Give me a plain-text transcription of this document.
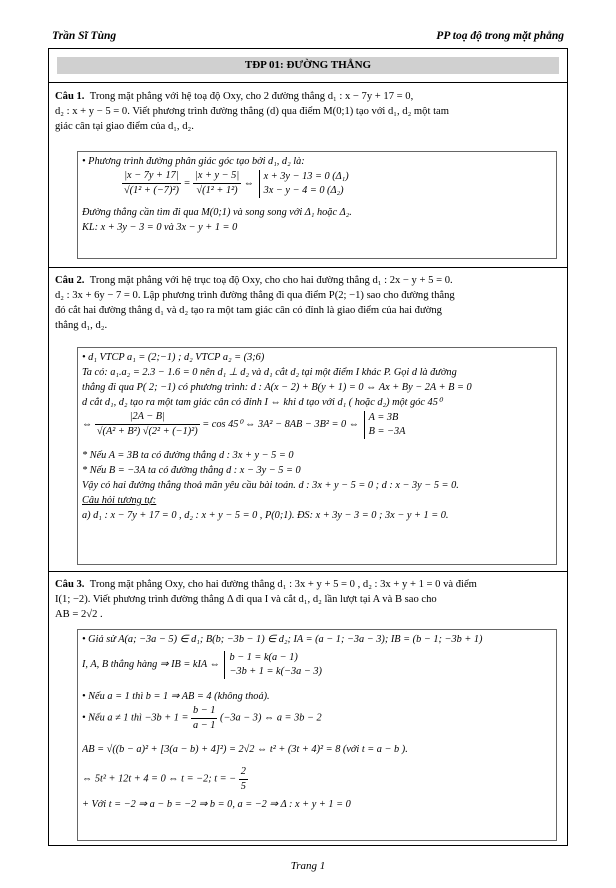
Trần Sĩ Tùng	PP toạ độ trong mặt phẳng
TĐP 01: ĐƯỜNG THẲNG
Câu 1. Trong mặt phẳng với hệ toạ độ Oxy, cho 2 đường thẳng d₁ : x − 7y + 17 = 0,
d₂ : x + y − 5 = 0. Viết phương trình đường thẳng (d) qua điểm M(0;1) tạo với d₁, d₂ một tam
giác cân tại giao điểm của d₁, d₂.
• Phương trình đường phân giác góc tạo bởi d₁, d₂ là:
$\frac{|x - 7y + 17|}{\text{√(1² + (−7)²)}} = \frac{|x + y - 5|}{\text{√(1² + 1²)}}$ ⇔
x + 3y − 13 = 0 (Δ₁)
3x − y − 4 = 0 (Δ₂)
Đường thẳng cần tìm đi qua M(0;1) và song song với Δ₁ hoặc Δ₂.
KL: x + 3y − 3 = 0 và 3x − y + 1 = 0
Câu 2. Trong mặt phẳng với hệ trục toạ độ Oxy, cho cho hai đường thẳng d₁ : 2x − y + 5 = 0.
d₂ : 3x + 6y − 7 = 0. Lập phương trình đường thẳng đi qua điểm P(2; −1) sao cho đường thẳng
đó cắt hai đường thẳng d₁ và d₂ tạo ra một tam giác cân có đỉnh là giao điểm của hai đường
thẳng d₁, d₂.
• d₁ VTCP a₁ = (2;−1) ; d₂ VTCP a₂ = (3;6)
Ta có: a₁.a₂ = 2.3 − 1.6 = 0 nên d₁ ⊥ d₂ và d₁ cắt d₂ tại một điểm I khác P. Gọi d là đường
thẳng đi qua P( 2; −1) có phương trình: d : A(x − 2) + B(y + 1) = 0 ⇔ Ax + By − 2A + B = 0
d cắt d₁, d₂ tạo ra một tam giác cân có đỉnh I ⇔ khi d tạo với d₁ ( hoặc d₂) một góc 45⁰
⇔ $\frac{|2A - B|}{\text{√(A² + B²) √(2² + (−1)²)}} = \cos 45^0$ ⇔ 3A² − 8AB − 3B² = 0 ⇔
A = 3B
B = −3A
* Nếu A = 3B ta có đường thẳng d : 3x + y − 5 = 0
* Nếu B = −3A ta có đường thẳng d : x − 3y − 5 = 0
Vậy có hai đường thẳng thoả mãn yêu cầu bài toán. d : 3x + y − 5 = 0 ; d : x − 3y − 5 = 0.
Câu hỏi tương tự:
a) d₁ : x − 7y + 17 = 0 , d₂ : x + y − 5 = 0 , P(0;1). ĐS: x + 3y − 3 = 0 ; 3x − y + 1 = 0.
Câu 3. Trong mặt phẳng Oxy, cho hai đường thẳng d₁ : 3x + y + 5 = 0 , d₂ : 3x + y + 1 = 0 và điểm
I(1; −2). Viết phương trình đường thẳng Δ đi qua I và cắt d₁, d₂ lần lượt tại A và B sao cho
AB = 2√2 .
• Giả sử A(a; −3a − 5) ∈ d₁; B(b; −3b − 1) ∈ d₂; IA = (a − 1; −3a − 3); IB = (b − 1; −3b + 1)
I, A, B thẳng hàng ⇒ IB = kIA ⇔
b − 1 = k(a − 1)
−3b + 1 = k(−3a − 3)
• Nếu a = 1 thì b = 1 ⇒ AB = 4 (không thoả).
• Nếu a ≠ 1 thì $-3b + 1 = \frac{b - 1}{a - 1} (-3a - 3)$ ⇔ a = 3b − 2
AB = √((b − a)² + [3(a − b) + 4]²) = 2√2 ⇔ t² + (3t + 4)² = 8 (với t = a − b ).
⇔ 5t² + 12t + 4 = 0 ⇔ t = −2; t = − $\frac{2}{5}$
+ Với t = −2 ⇒ a − b = −2 ⇒ b = 0, a = −2 ⇒ Δ : x + y + 1 = 0
Trang 1
